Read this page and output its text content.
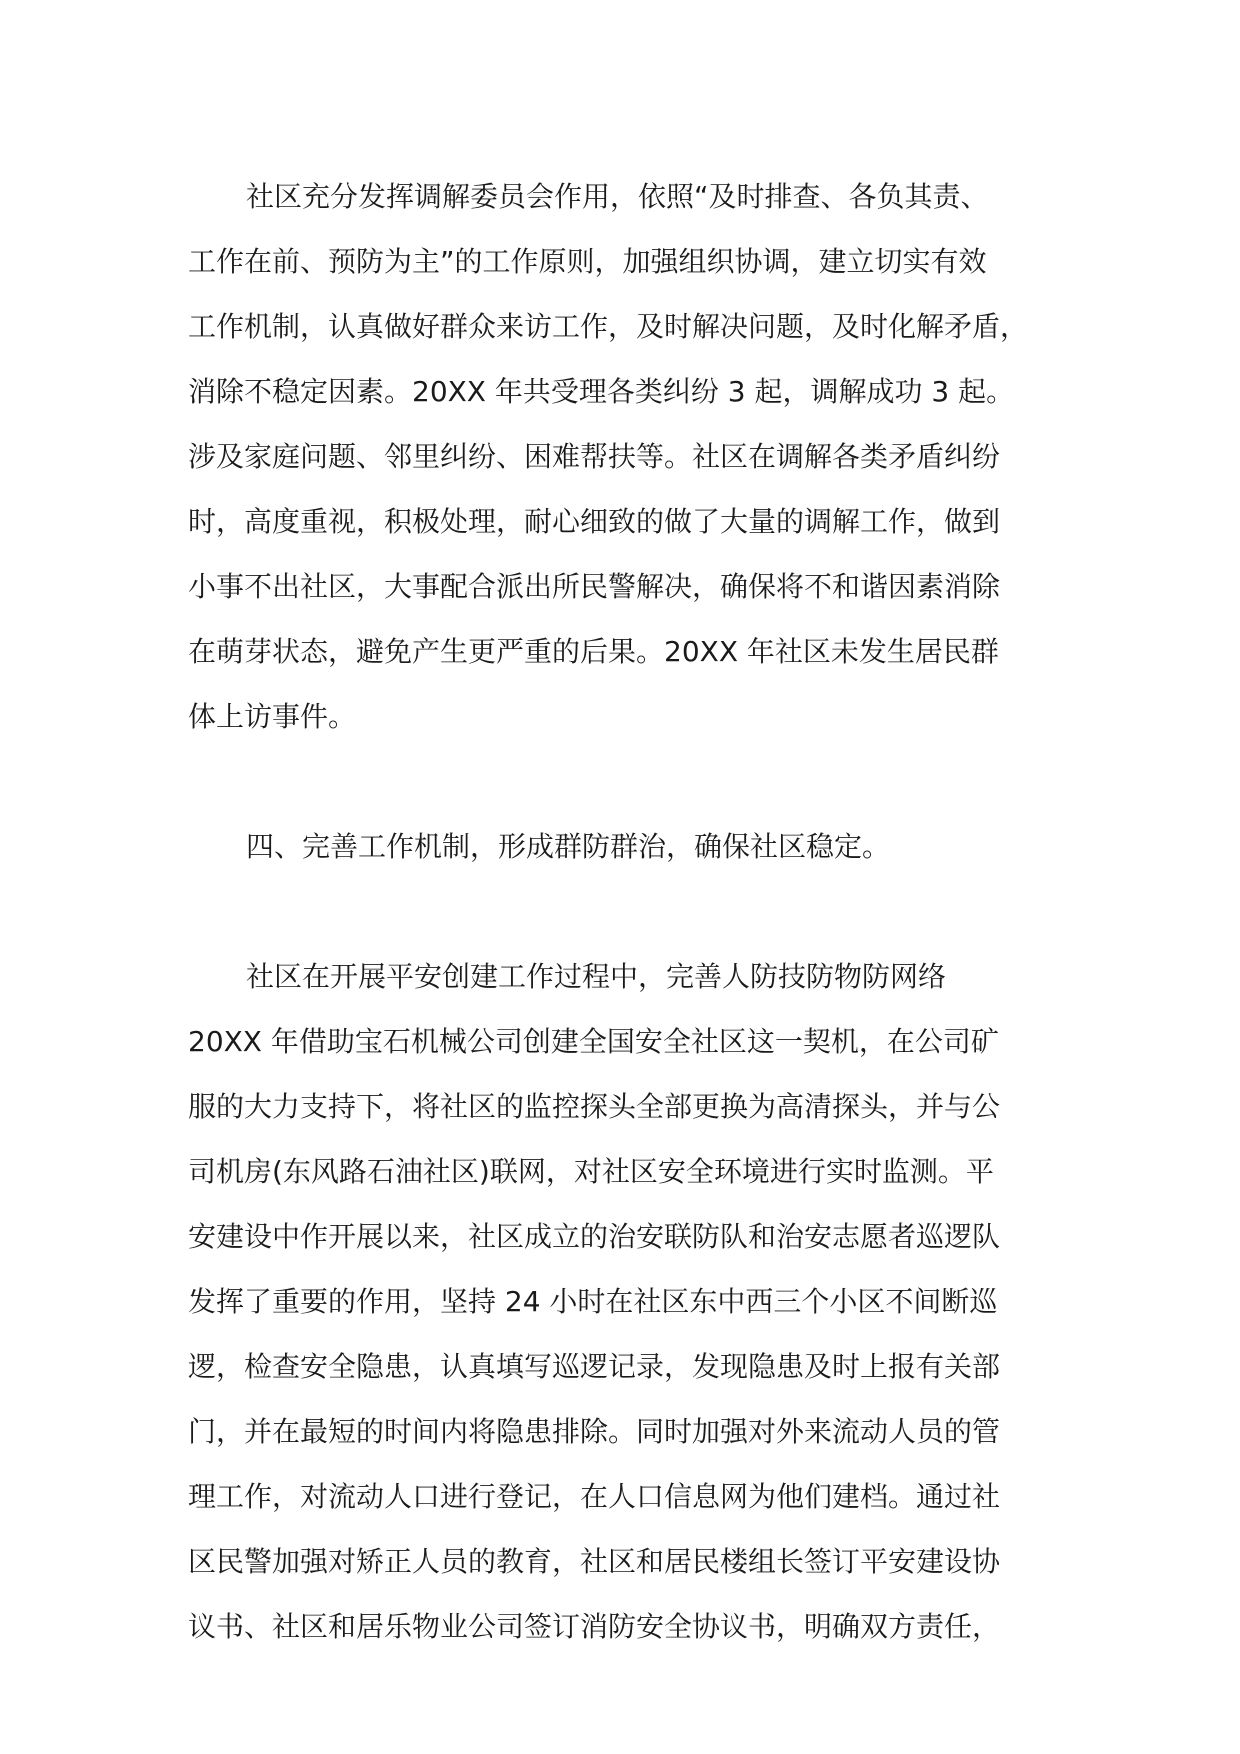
社区充分发挥调解委员会作用，依照“及时排查、各负其责、
工作在前、预防为主”的工作原则，加强组织协调，建立切实有效
工作机制，认真做好群众来访工作，及时解决问题，及时化解矛盾，
消除不稳定因素。20XX 年共受理各类纠纷 3 起，调解成功 3 起。
涉及家庭问题、邻里纠纷、困难帮扶等。社区在调解各类矛盾纠纷
时，高度重视，积极处理，耐心细致的做了大量的调解工作，做到
小事不出社区，大事配合派出所民警解决，确保将不和谐因素消除
在萌芽状态，避免产生更严重的后果。20XX 年社区未发生居民群
体上访事件。
四、完善工作机制，形成群防群治，确保社区稳定。
社区在开展平安创建工作过程中，完善人防技防物防网络
20XX 年借助宝石机械公司创建全国安全社区这一契机，在公司矿
服的大力支持下，将社区的监控探头全部更换为高清探头，并与公
司机房(东风路石油社区)联网，对社区安全环境进行实时监测。平
安建设中作开展以来，社区成立的治安联防队和治安志愿者巡逻队
发挥了重要的作用，坚持 24 小时在社区东中西三个小区不间断巡
逻，检查安全隐患，认真填写巡逻记录，发现隐患及时上报有关部
门，并在最短的时间内将隐患排除。同时加强对外来流动人员的管
理工作，对流动人口进行登记，在人口信息网为他们建档。通过社
区民警加强对矫正人员的教育，社区和居民楼组长签订平安建设协
议书、社区和居乐物业公司签订消防安全协议书，明确双方责任，
